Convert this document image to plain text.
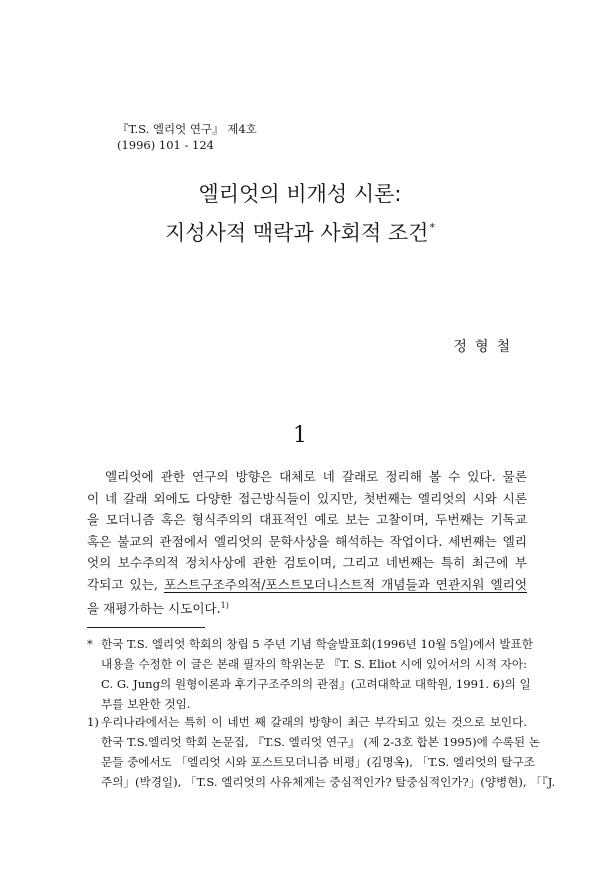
『T.S. 엘리엇 연구』 제4호
(1996) 101 - 124
엘리엇의 비개성 시론:
지성사적 맥락과 사회적 조건*
정형철
1
엘리엇에 관한 연구의 방향은 대체로 네 갈래로 정리해 볼 수 있다. 물론
이 네 갈래 외에도 다양한 접근방식들이 있지만, 첫번째는 엘리엇의 시와 시론
을 모더니즘 혹은 형식주의의 대표적인 예로 보는 고찰이며, 두번째는 기독교
혹은 불교의 관점에서 엘리엇의 문학사상을 해석하는 작업이다. 세번째는 엘리
엇의 보수주의적 정치사상에 관한 검토이며, 그리고 네번째는 특히 최근에 부
각되고 있는, 포스트구조주의적/포스트모더니스트적 개념들과 연관지워 엘리엇
을 재평가하는 시도이다.$^{1)}$
* 한국 T.S. 엘리엇 학회의 창립 5 주년 기념 학술발표회(1996년 10월 5일)에서 발표한
내용을 수정한 이 글은 본래 필자의 학위논문 『T. S. Eliot 시에 있어서의 시적 자아:
C. G. Jung의 원형이론과 후기구조주의의 관점』(고려대학교 대학원, 1991. 6)의 일
부를 보완한 것임.
1) 우리나라에서는 특히 이 네번 째 갈래의 방향이 최근 부각되고 있는 것으로 보인다.
한국 T.S.엘리엇 학회 논문집, 『T.S. 엘리엇 연구』 (제 2-3호 합본 1995)에 수록된 논
문들 중에서도 「엘리엇 시와 포스트모더니즘 비평」(김명옥), 「T.S. 엘리엇의 탈구조
주의」(박경일), 「T.S. 엘리엇의 사유체계는 중심적인가? 탈중심적인가?」(양병현), 「『J.
